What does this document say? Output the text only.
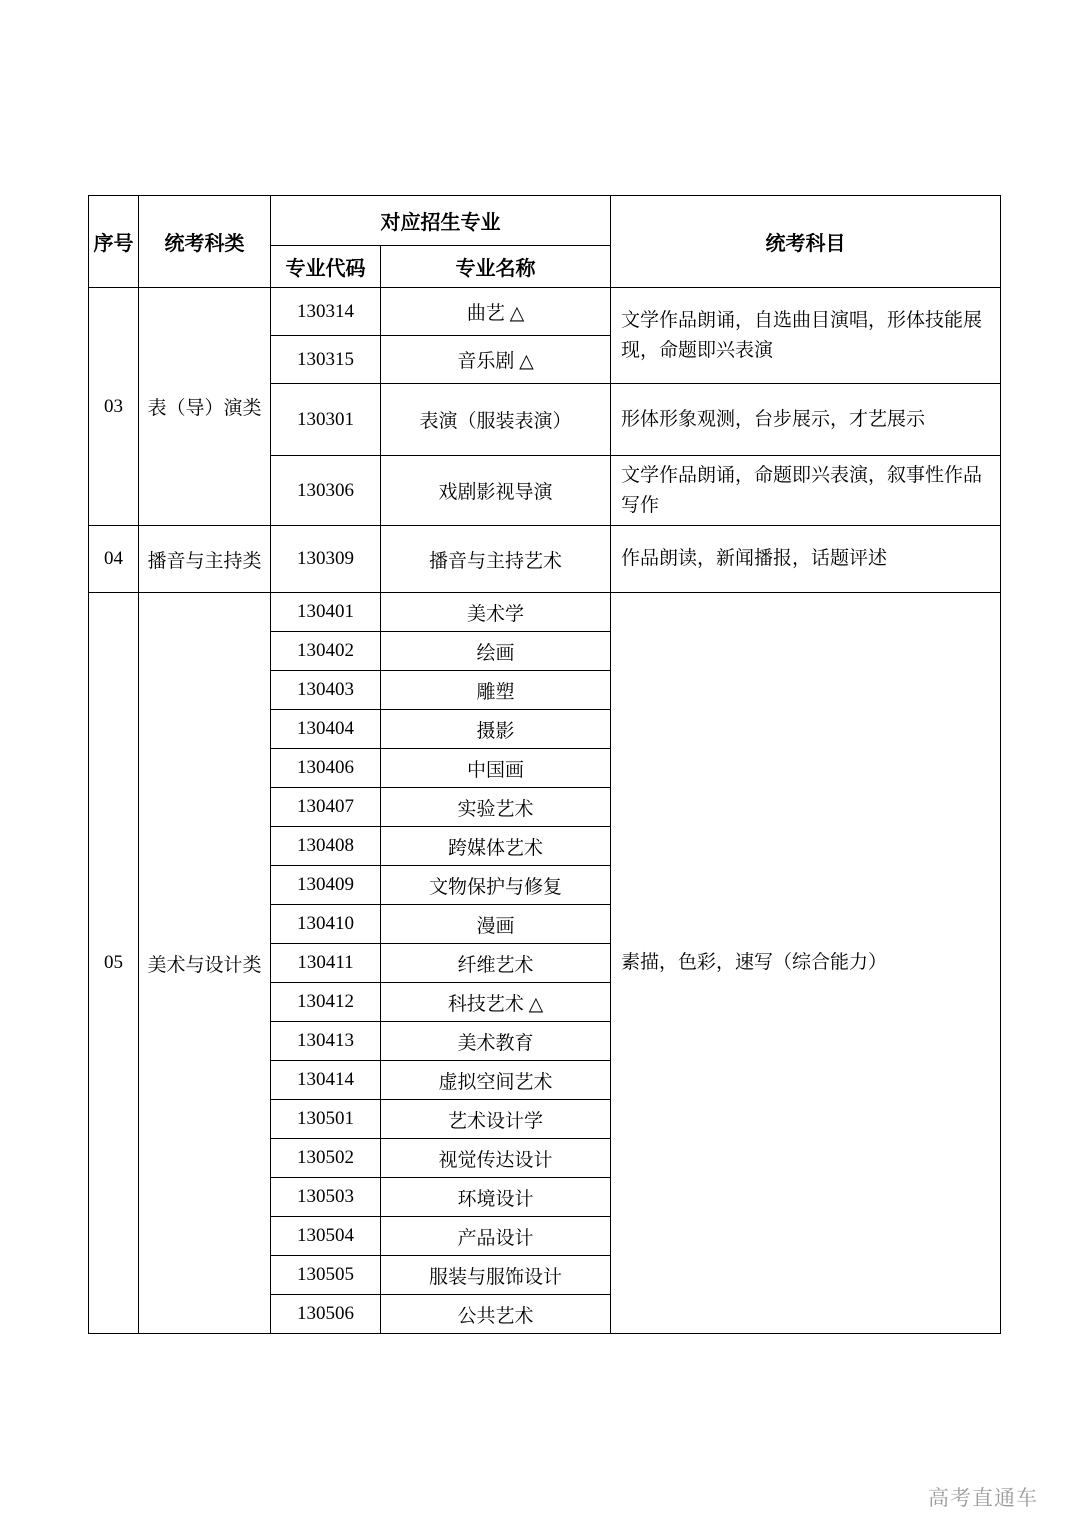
序号	统考科类	对应招生专业		统考科目
		专业代码	专业名称	
03	表（导）演类	130314	曲艺 △	文学作品朗诵，自选曲目演唱，形体技能展现，命题即兴表演
		130315	音乐剧 △	
		130301	表演（服装表演）	形体形象观测，台步展示，才艺展示
		130306	戏剧影视导演	文学作品朗诵，命题即兴表演，叙事性作品写作
04	播音与主持类	130309	播音与主持艺术	作品朗读，新闻播报，话题评述
05	美术与设计类	130401	美术学	素描，色彩，速写（综合能力）
		130402	绘画	
		130403	雕塑	
		130404	摄影	
		130406	中国画	
		130407	实验艺术	
		130408	跨媒体艺术	
		130409	文物保护与修复	
		130410	漫画	
		130411	纤维艺术	
		130412	科技艺术 △	
		130413	美术教育	
		130414	虚拟空间艺术	
		130501	艺术设计学	
		130502	视觉传达设计	
		130503	环境设计	
		130504	产品设计	
		130505	服装与服饰设计	
		130506	公共艺术	
高考直通车
